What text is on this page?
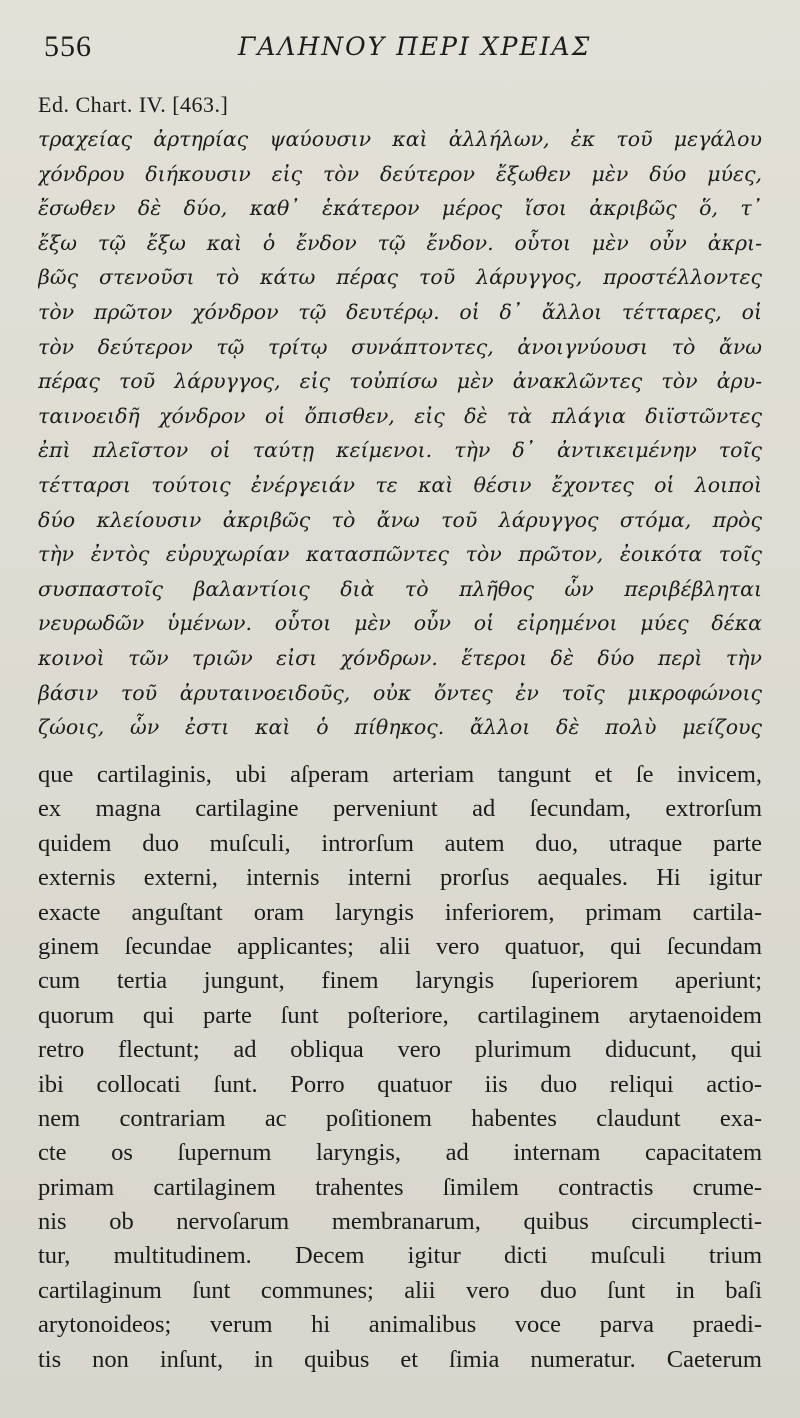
556	ΓΑΛΗΝΟΥ ΠΕΡΙ ΧΡΕΙΑΣ
Ed. Chart. IV. [463.]
τραχείας ἀρτηρίας ψαύουσιν καὶ ἀλλήλων, ἐκ τοῦ μεγάλου
χόνδρου διήκουσιν εἰς τὸν δεύτερον ἔξωθεν μὲν δύο μύες,
ἔσωθεν δὲ δύο, καθ᾿ ἑκάτερον μέρος ἴσοι ἀκριβῶς ὅ, τ᾿
ἔξω τῷ ἔξω καὶ ὁ ἔνδον τῷ ἔνδον. οὗτοι μὲν οὖν ἀκρι-
βῶς στενοῦσι τὸ κάτω πέρας τοῦ λάρυγγος, προστέλλοντες
τὸν πρῶτον χόνδρον τῷ δευτέρῳ. οἱ δ᾿ ἄλλοι τέτταρες, οἱ
τὸν δεύτερον τῷ τρίτῳ συνάπτοντες, ἀνοιγνύουσι τὸ ἄνω
πέρας τοῦ λάρυγγος, εἰς τοὐπίσω μὲν ἀνακλῶντες τὸν ἀρυ-
ταινοειδῆ χόνδρον οἱ ὄπισθεν, εἰς δὲ τὰ πλάγια διϊστῶντες
ἐπὶ πλεῖστον οἱ ταύτῃ κείμενοι. τὴν δ᾿ ἀντικειμένην τοῖς
τέτταρσι τούτοις ἐνέργειάν τε καὶ θέσιν ἔχοντες οἱ λοιποὶ
δύο κλείουσιν ἀκριβῶς τὸ ἄνω τοῦ λάρυγγος στόμα, πρὸς
τὴν ἐντὸς εὐρυχωρίαν κατασπῶντες τὸν πρῶτον, ἐοικότα τοῖς
συσπαστοῖς βαλαντίοις διὰ τὸ πλῆθος ὧν περιβέβληται
νευρωδῶν ὑμένων. οὗτοι μὲν οὖν οἱ εἰρημένοι μύες δέκα
κοινοὶ τῶν τριῶν εἰσι χόνδρων. ἕτεροι δὲ δύο περὶ τὴν
βάσιν τοῦ ἀρυταινοειδοῦς, οὐκ ὄντες ἐν τοῖς μικροφώνοις
ζώοις, ὧν ἐστι καὶ ὁ πίθηκος. ἄλλοι δὲ πολὺ μείζους
que cartilaginis, ubi aſperam arteriam tangunt et ſe invicem,
ex magna cartilagine perveniunt ad ſecundam, extrorſum
quidem duo muſculi, introrſum autem duo, utraque parte
externis externi, internis interni prorſus aequales. Hi igitur
exacte anguſtant oram laryngis inferiorem, primam cartila-
ginem ſecundae applicantes; alii vero quatuor, qui ſecundam
cum tertia jungunt, finem laryngis ſuperiorem aperiunt;
quorum qui parte ſunt poſteriore, cartilaginem arytaenoidem
retro flectunt; ad obliqua vero plurimum diducunt, qui
ibi collocati ſunt. Porro quatuor iis duo reliqui actio-
nem contrariam ac poſitionem habentes claudunt exa-
cte os ſupernum laryngis, ad internam capacitatem
primam cartilaginem trahentes ſimilem contractis crume-
nis ob nervoſarum membranarum, quibus circumplecti-
tur, multitudinem. Decem igitur dicti muſculi trium
cartilaginum ſunt communes; alii vero duo ſunt in baſi
arytonoideos; verum hi animalibus voce parva praedi-
tis non inſunt, in quibus et ſimia numeratur. Caeterum
